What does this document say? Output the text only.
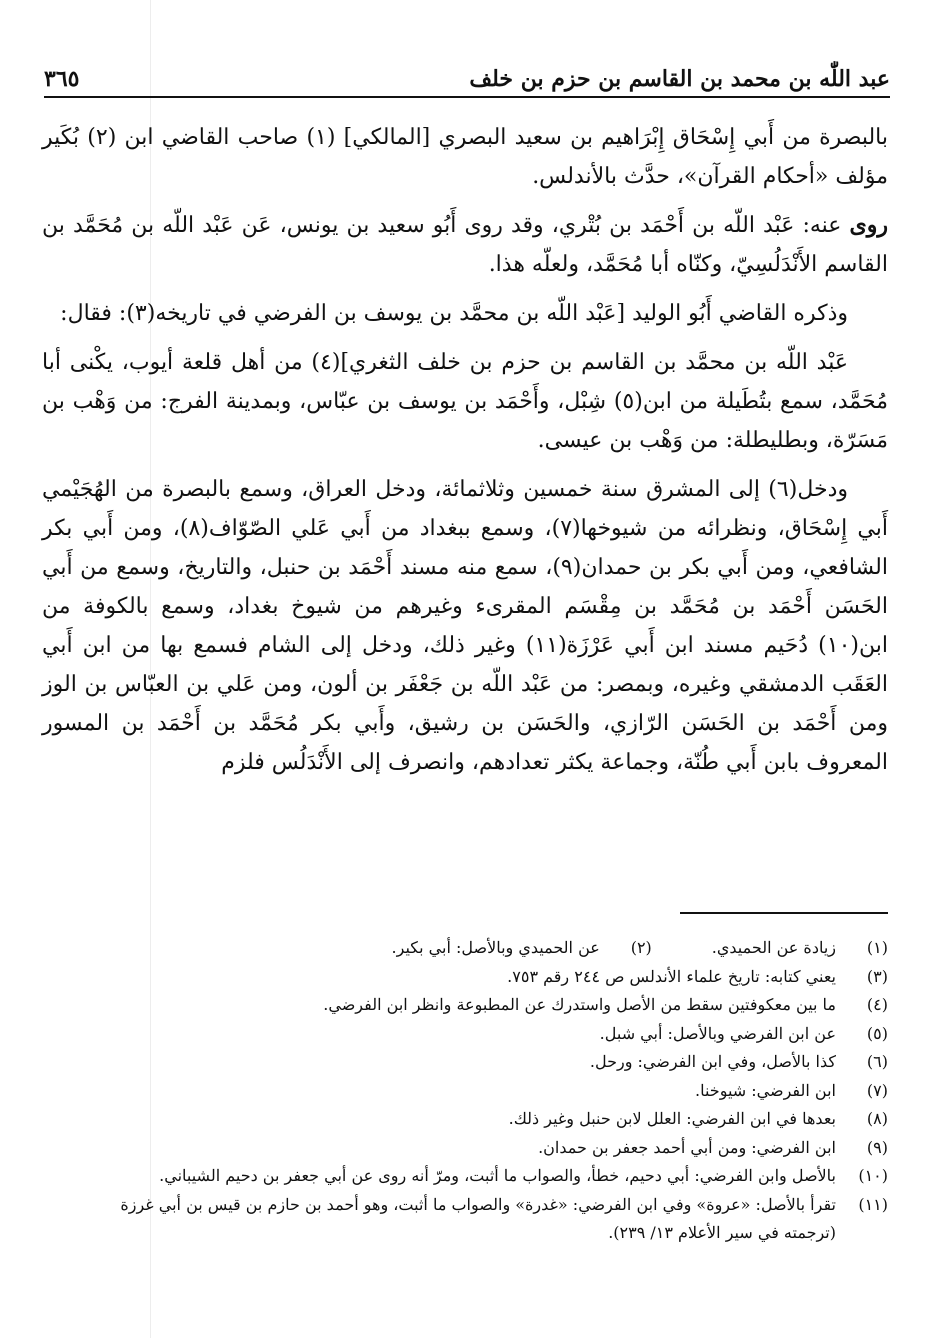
عبد اللّٰه بن محمد بن القاسم بن حزم بن خلف
٣٦٥

بالبصرة من أَبي إِسْحَاق إِبْرَاهيم بن سعيد البصري [المالكي] (١) صاحب القاضي ابن (٢) بُكَير مؤلف «أحكام القرآن»، حدَّث بالأندلس.

روى عنه: عَبْد اللّه بن أَحْمَد بن بُتْري، وقد روى أَبُو سعيد بن يونس، عَن عَبْد اللّه بن مُحَمَّد بن القاسم الأَنْدَلُسِيّ، وكنّاه أبا مُحَمَّد، ولعلّه هذا.

وذكره القاضي أَبُو الوليد [عَبْد اللّه بن محمَّد بن يوسف بن الفرضي في تاريخه(٣): فقال:

عَبْد اللّه بن محمَّد بن القاسم بن حزم بن خلف الثغري](٤) من أهل قلعة أيوب، يكْنى أبا مُحَمَّد، سمع بتُطَيلة من ابن(٥) شِبْل، وأَحْمَد بن يوسف بن عبّاس، وبمدينة الفرج: من وَهْب بن مَسَرّة، وبطليطلة: من وَهْب بن عيسى.

ودخل(٦) إلى المشرق سنة خمسين وثلاثمائة، ودخل العراق، وسمع بالبصرة من الهُجَيْمي أَبي إِسْحَاق، ونظرائه من شيوخها(٧)، وسمع ببغداد من أَبي عَلي الصّوّاف(٨)، ومن أَبي بكر الشافعي، ومن أَبي بكر بن حمدان(٩)، سمع منه مسند أَحْمَد بن حنبل، والتاريخ، وسمع من أَبي الحَسَن أَحْمَد بن مُحَمَّد بن مِقْسَم المقرىء وغيرهم من شيوخ بغداد، وسمع بالكوفة من ابن(١٠) دُحَيم مسند ابن أَبي عَرْزَة(١١) وغير ذلك، ودخل إلى الشام فسمع بها من ابن أَبي العَقَب الدمشقي وغيره، وبمصر: من عَبْد اللّه بن جَعْفَر بن ألون، ومن عَلي بن العبّاس بن الوز ومن أَحْمَد بن الحَسَن الرّازي، والحَسَن بن رشيق، وأَبي بكر مُحَمَّد بن أَحْمَد بن المسور المعروف بابن أَبي طُنّة، وجماعة يكثر تعدادهم، وانصرف إلى الأَنْدَلُس فلزم

(١)
زيادة عن الحميدي.
(٢)
عن الحميدي وبالأصل: أبي بكير.
(٣)
يعني كتابه: تاريخ علماء الأندلس ص ٢٤٤ رقم ٧٥٣.
(٤)
ما بين معكوفتين سقط من الأصل واستدرك عن المطبوعة وانظر ابن الفرضي.
(٥)
عن ابن الفرضي وبالأصل: أبي شبل.
(٦)
كذا بالأصل، وفي ابن الفرضي: ورحل.
(٧)
ابن الفرضي: شيوخنا.
(٨)
بعدها في ابن الفرضي: العلل لابن حنبل وغير ذلك.
(٩)
ابن الفرضي: ومن أبي أحمد جعفر بن حمدان.
(١٠)
بالأصل وابن الفرضي: أبي دحيم، خطأ، والصواب ما أثبت، ومرّ أنه روى عن أبي جعفر بن دحيم الشيباني.
(١١)
تقرأ بالأصل: «عروة» وفي ابن الفرضي: «غدرة» والصواب ما أثبت، وهو أحمد بن حازم بن قيس بن أبي غرزة
(ترجمته في سير الأعلام ١٣/ ٢٣٩).
